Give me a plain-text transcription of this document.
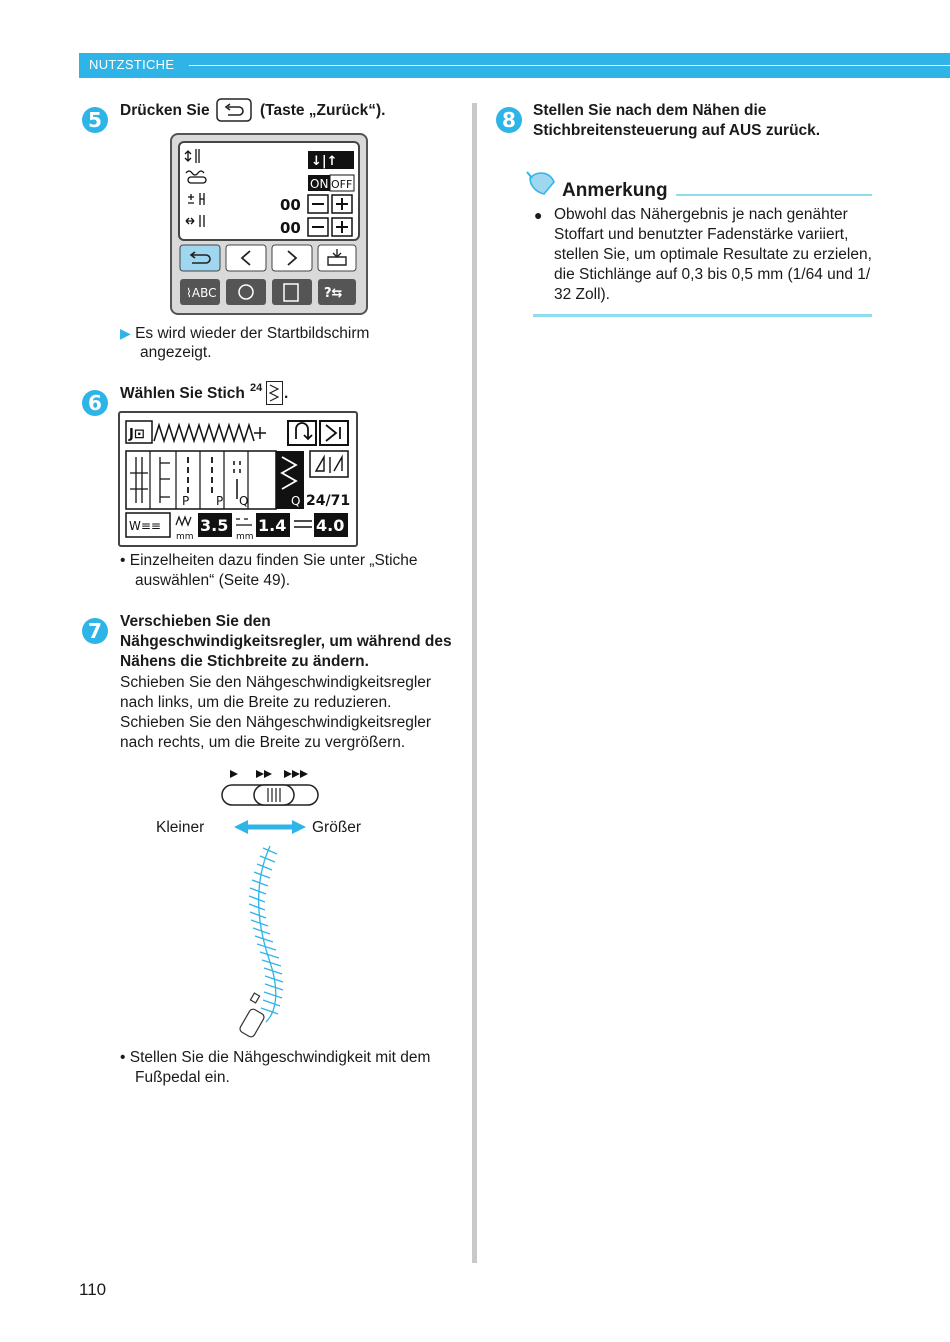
NUTZSTICHE
5	Drücken Sie	(Taste „Zurück“).
↓|↑
ON OFF
00
00
⌇ABC	?⇆
▶ Es wird wieder der Startbildschirm
angezeigt.
6	Wählen Sie Stich 24 .
J⊡
P P Q	Q 24/71
W≡≡
mm
3.5
mm
1.4 4.0
• Einzelheiten dazu finden Sie unter „Stiche
auswählen“ (Seite 49).
7	Verschieben Sie den
Nähgeschwindigkeitsregler, um während des
Nähens die Stichbreite zu ändern.
Schieben Sie den Nähgeschwindigkeitsregler
nach links, um die Breite zu reduzieren.
Schieben Sie den Nähgeschwindigkeitsregler
nach rechts, um die Breite zu vergrößern.
Kleiner	Größer
• Stellen Sie die Nähgeschwindigkeit mit dem
Fußpedal ein.
8	Stellen Sie nach dem Nähen die
Stichbreitensteuerung auf AUS zurück.
Anmerkung
● Obwohl das Nähergebnis je nach genähter
Stoffart und benutzter Fadenstärke variiert,
stellen Sie, um optimale Resultate zu erzielen,
die Stichlänge auf 0,3 bis 0,5 mm (1/64 und 1/
32 Zoll).
110
